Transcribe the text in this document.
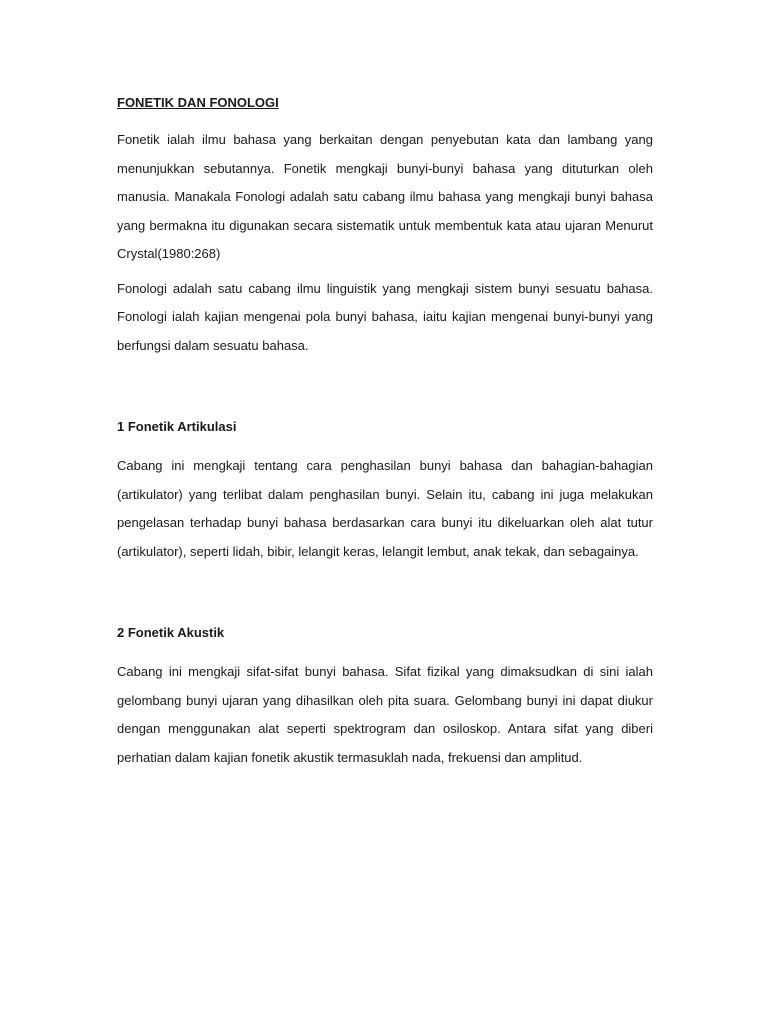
FONETIK DAN FONOLOGI

Fonetik ialah ilmu bahasa yang berkaitan dengan penyebutan kata dan lambang yang menunjukkan sebutannya. Fonetik mengkaji bunyi-bunyi bahasa yang dituturkan oleh manusia. Manakala Fonologi adalah satu cabang ilmu bahasa yang mengkaji bunyi bahasa yang bermakna itu digunakan secara sistematik untuk membentuk kata atau ujaran Menurut Crystal(1980:268)

Fonologi adalah satu cabang ilmu linguistik yang mengkaji sistem bunyi sesuatu bahasa. Fonologi ialah kajian mengenai pola bunyi bahasa, iaitu kajian mengenai bunyi-bunyi yang berfungsi dalam sesuatu bahasa.

1 Fonetik Artikulasi

Cabang ini mengkaji tentang cara penghasilan bunyi bahasa dan bahagian-bahagian (artikulator) yang terlibat dalam penghasilan bunyi. Selain itu, cabang ini juga melakukan pengelasan terhadap bunyi bahasa berdasarkan cara bunyi itu dikeluarkan oleh alat tutur (artikulator), seperti lidah, bibir, lelangit keras, lelangit lembut, anak tekak, dan sebagainya.

2 Fonetik Akustik

Cabang ini mengkaji sifat-sifat bunyi bahasa. Sifat fizikal yang dimaksudkan di sini ialah gelombang bunyi ujaran yang dihasilkan oleh pita suara. Gelombang bunyi ini dapat diukur dengan menggunakan alat seperti spektrogram dan osiloskop. Antara sifat yang diberi perhatian dalam kajian fonetik akustik termasuklah nada, frekuensi dan amplitud.
